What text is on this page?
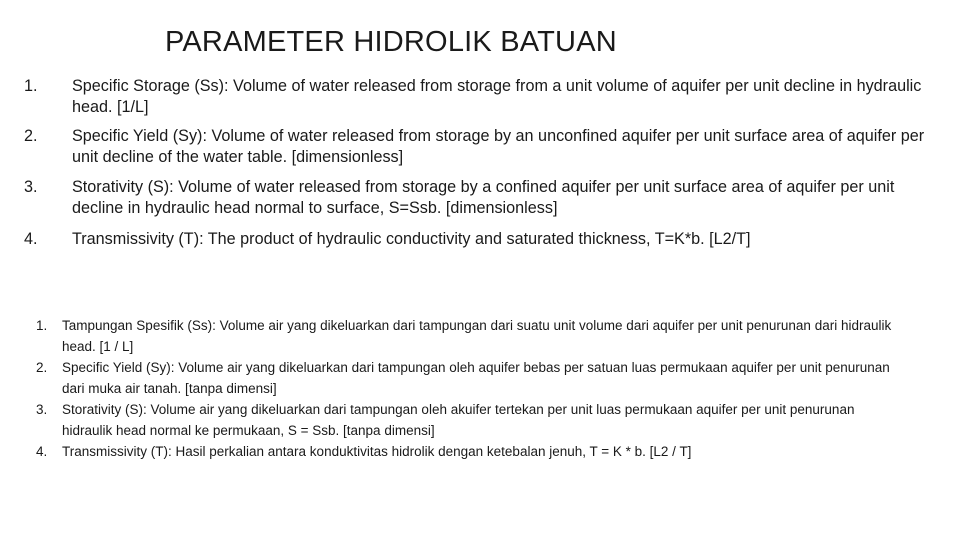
PARAMETER HIDROLIK BATUAN
1. Specific Storage (Ss): Volume of water released from storage from a unit volume of aquifer per unit decline in hydraulic head. [1/L]
2. Specific Yield (Sy): Volume of water released from storage by an unconfined aquifer per unit surface area of aquifer per unit decline of the water table. [dimensionless]
3. Storativity (S): Volume of water released from storage by a confined aquifer per unit surface area of aquifer per unit decline in hydraulic head normal to surface, S=Ssb. [dimensionless]
4. Transmissivity (T): The product of hydraulic conductivity and saturated thickness, T=K*b. [L2/T]
1. Tampungan Spesifik (Ss): Volume air yang dikeluarkan dari tampungan dari suatu unit volume dari aquifer per unit penurunan dari hidraulik head. [1 / L]
2. Specific Yield (Sy): Volume air yang dikeluarkan dari tampungan oleh aquifer bebas per satuan luas permukaan aquifer per unit penurunan dari muka air tanah. [tanpa dimensi]
3. Storativity (S): Volume air yang dikeluarkan dari tampungan oleh akuifer tertekan per unit luas permukaan aquifer per unit penurunan hidraulik head normal ke permukaan, S = Ssb. [tanpa dimensi]
4. Transmissivity (T): Hasil perkalian antara konduktivitas hidrolik dengan ketebalan jenuh, T = K * b. [L2 / T]
